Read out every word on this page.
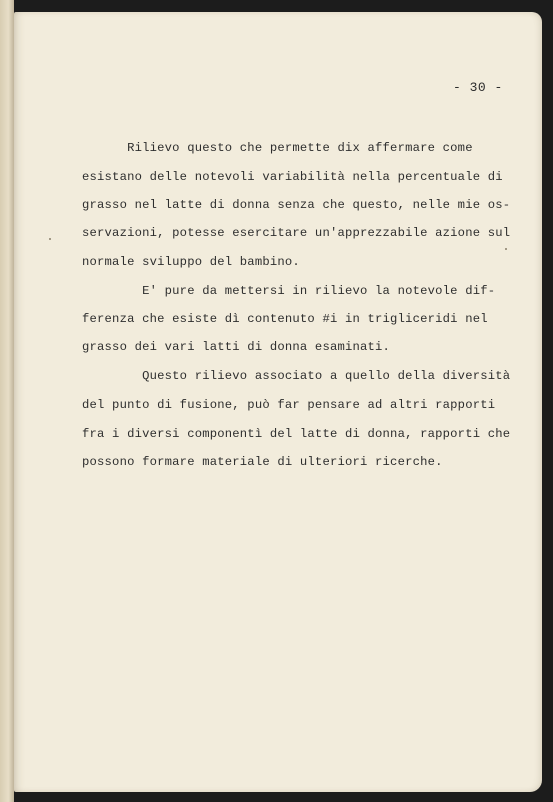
- 30 -
Rilievo questo che permette dix affermare come
esistano delle notevoli variabilità nella percentuale di
grasso nel latte di donna senza che questo, nelle mie os-
servazioni, potesse esercitare un'apprezzabile azione sul
normale sviluppo del bambino.
E' pure da mettersi in rilievo la notevole dif-
ferenza che esiste dì contenuto #i in trigliceridi nel
grasso dei vari latti di donna esaminati.
Questo rilievo associato a quello della diversità
del punto di fusione, può far pensare ad altri rapporti
fra i diversi componentì del latte di donna, rapporti che
possono formare materiale di ulteriori ricerche.
